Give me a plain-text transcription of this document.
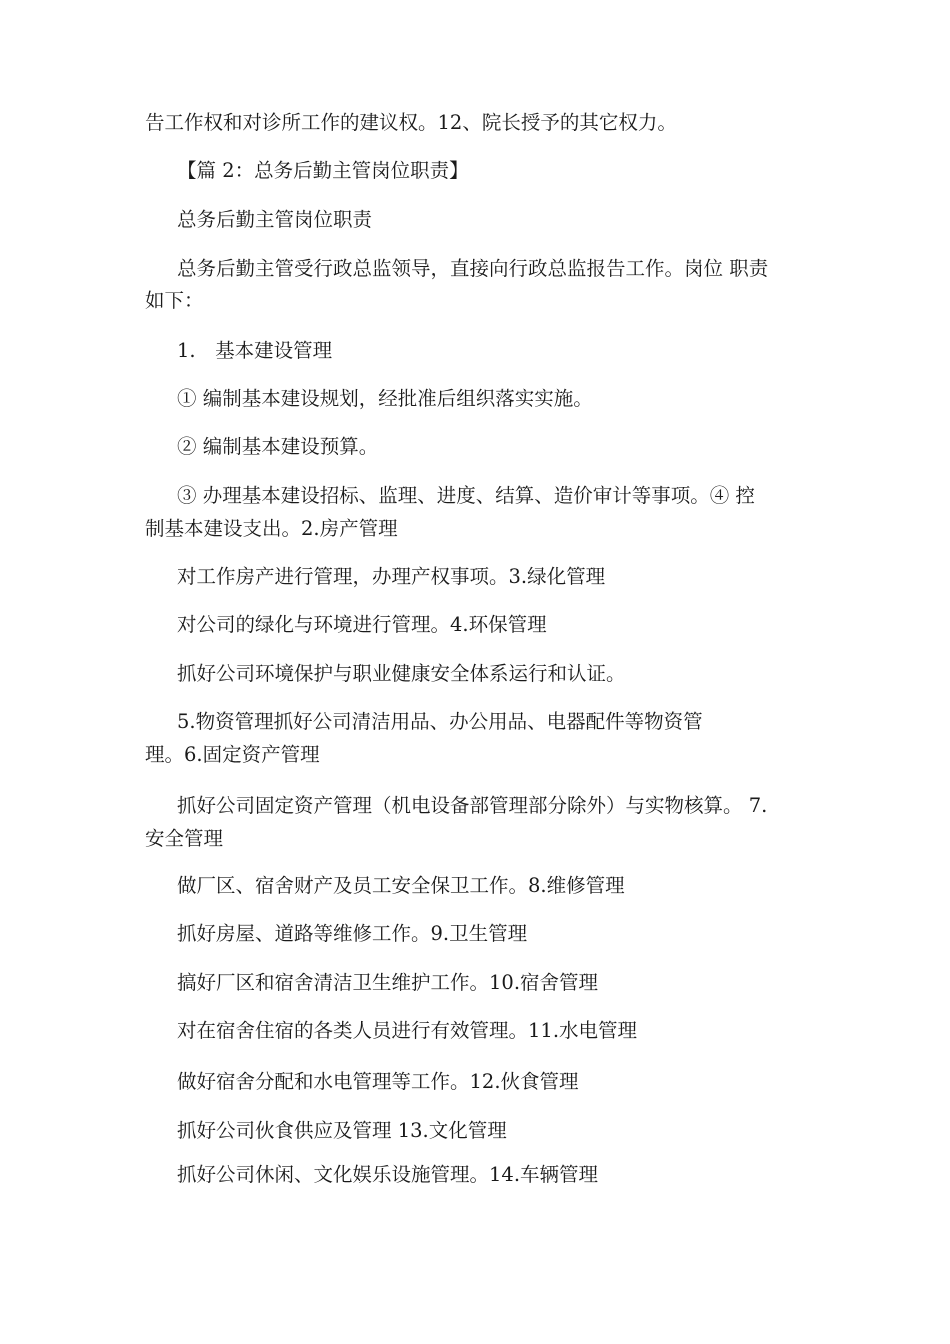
告工作权和对诊所工作的建议权。12、院长授予的其它权力。
【篇 2：总务后勤主管岗位职责】
总务后勤主管岗位职责
总务后勤主管受行政总监领导，直接向行政总监报告工作。岗位 职责
如下：
1.　基本建设管理
① 编制基本建设规划，经批准后组织落实实施。
② 编制基本建设预算。
③ 办理基本建设招标、监理、进度、结算、造价审计等事项。④ 控
制基本建设支出。2.房产管理
对工作房产进行管理，办理产权事项。3.绿化管理
对公司的绿化与环境进行管理。4.环保管理
抓好公司环境保护与职业健康安全体系运行和认证。
5.物资管理抓好公司清洁用品、办公用品、电器配件等物资管
理。6.固定资产管理
抓好公司固定资产管理（机电设备部管理部分除外）与实物核算。 7.
安全管理
做厂区、宿舍财产及员工安全保卫工作。8.维修管理
抓好房屋、道路等维修工作。9.卫生管理
搞好厂区和宿舍清洁卫生维护工作。10.宿舍管理
对在宿舍住宿的各类人员进行有效管理。11.水电管理
做好宿舍分配和水电管理等工作。12.伙食管理
抓好公司伙食供应及管理 13.文化管理
抓好公司休闲、文化娱乐设施管理。14.车辆管理
